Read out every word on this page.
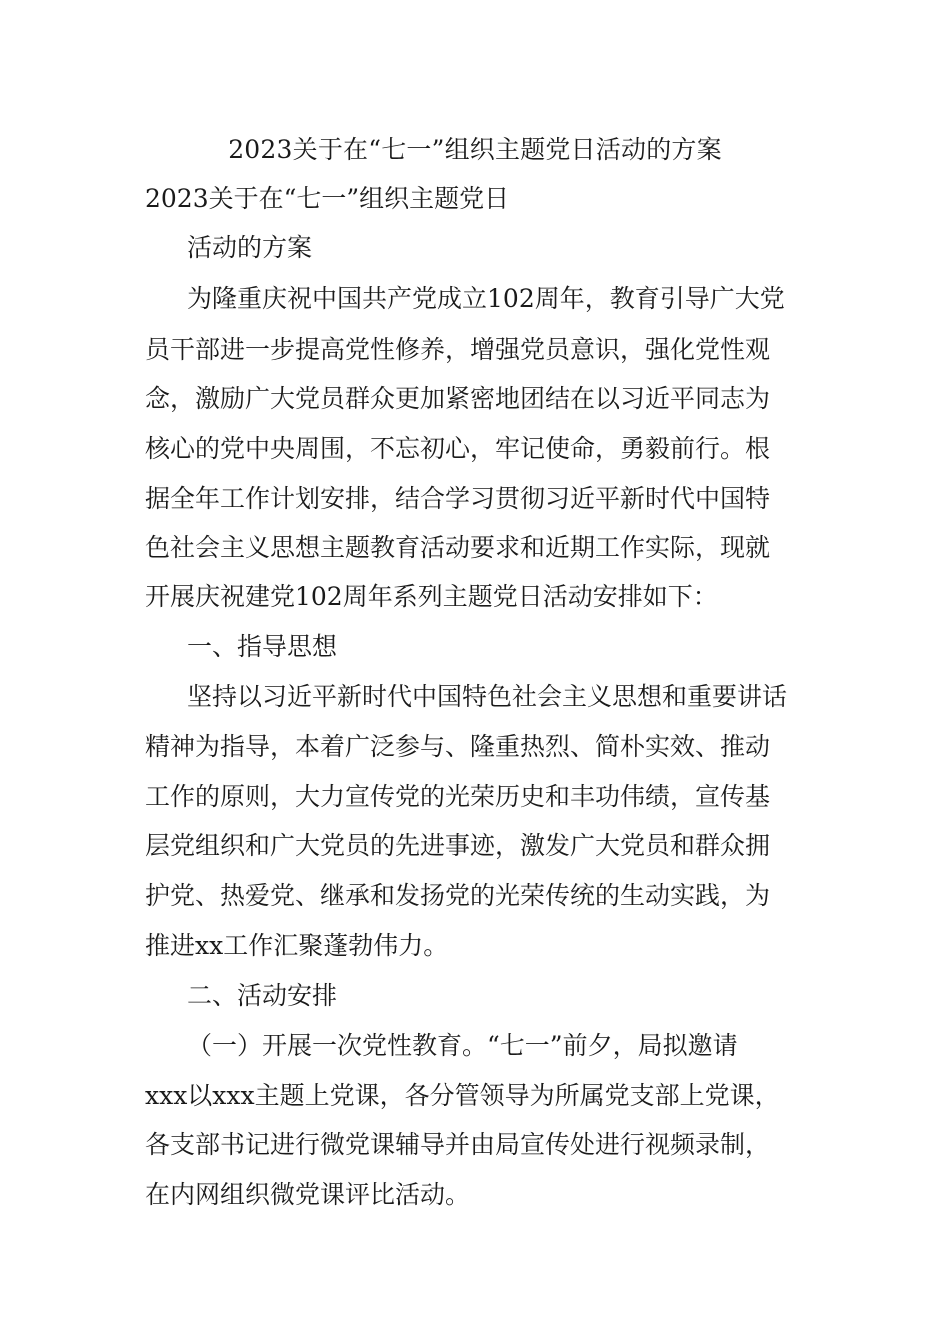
2023关于在“七一”组织主题党日活动的方案
2023关于在“七一”组织主题党日
活动的方案
为隆重庆祝中国共产党成立102周年，教育引导广大党
员干部进一步提高党性修养，增强党员意识，强化党性观
念，激励广大党员群众更加紧密地团结在以习近平同志为
核心的党中央周围，不忘初心，牢记使命，勇毅前行。根
据全年工作计划安排，结合学习贯彻习近平新时代中国特
色社会主义思想主题教育活动要求和近期工作实际，现就
开展庆祝建党102周年系列主题党日活动安排如下：
一、指导思想
坚持以习近平新时代中国特色社会主义思想和重要讲话
精神为指导，本着广泛参与、隆重热烈、简朴实效、推动
工作的原则，大力宣传党的光荣历史和丰功伟绩，宣传基
层党组织和广大党员的先进事迹，激发广大党员和群众拥
护党、热爱党、继承和发扬党的光荣传统的生动实践，为
推进xx工作汇聚蓬勃伟力。
二、活动安排
（一）开展一次党性教育。“七一”前夕，局拟邀请
xxx以xxx主题上党课，各分管领导为所属党支部上党课，
各支部书记进行微党课辅导并由局宣传处进行视频录制，
在内网组织微党课评比活动。
